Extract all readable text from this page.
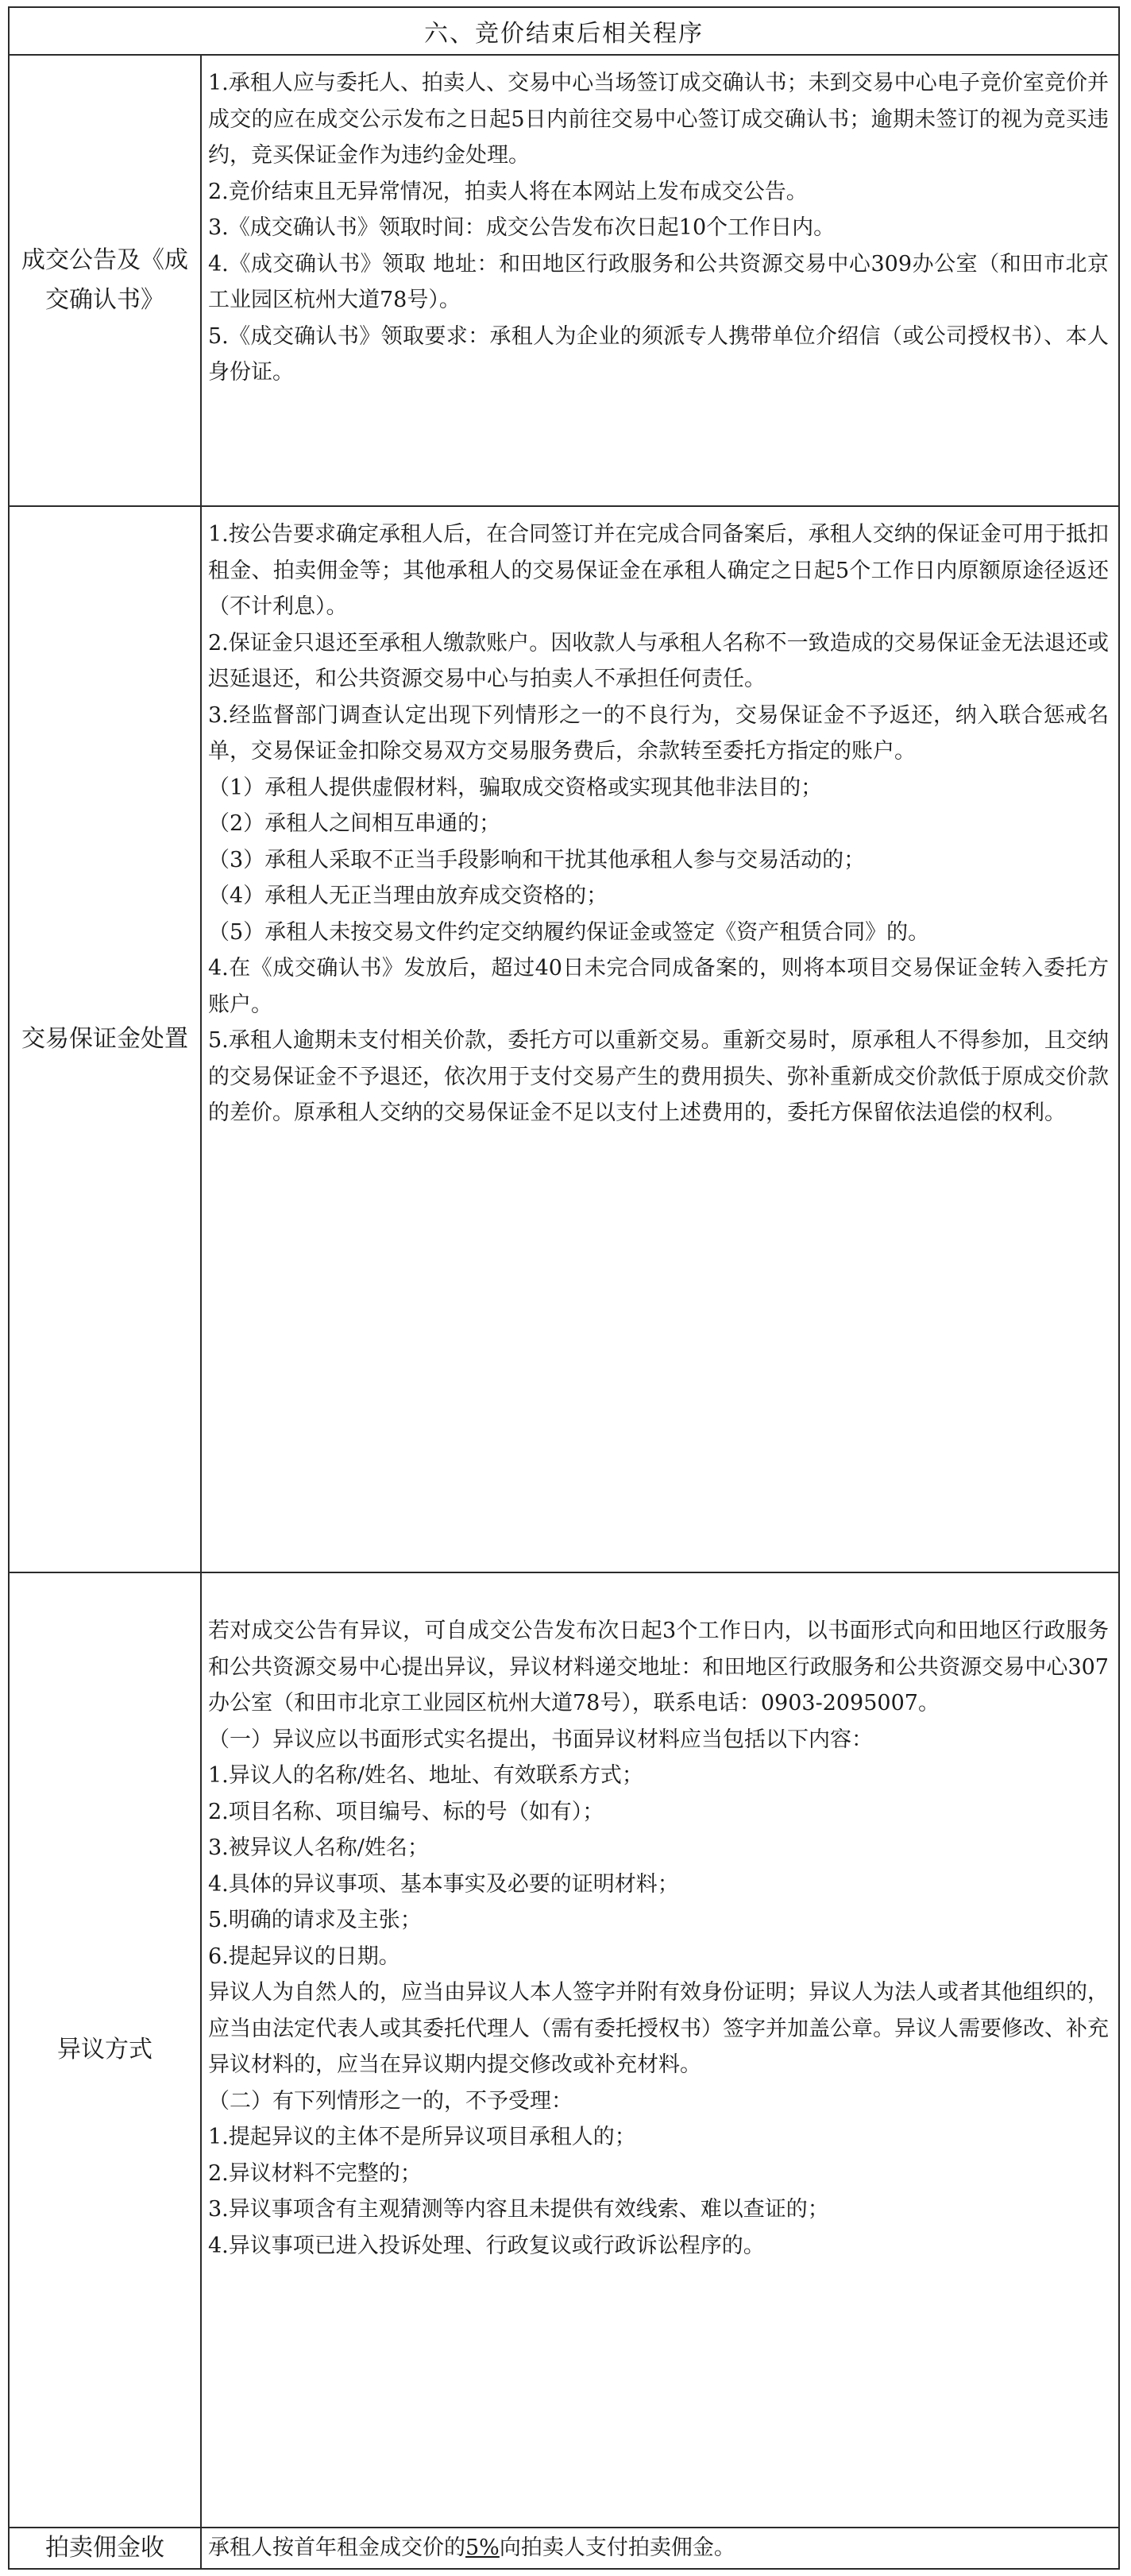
六、竞价结束后相关程序
成交公告及《成交确认书》

1.承租人应与委托人、拍卖人、交易中心当场签订成交确认书；未到交易中心电子竞价室竞价并成交的应在成交公示发布之日起5日内前往交易中心签订成交确认书；逾期未签订的视为竞买违约，竞买保证金作为违约金处理。

2.竞价结束且无异常情况，拍卖人将在本网站上发布成交公告。

3.《成交确认书》领取时间：成交公告发布次日起10个工作日内。

4.《成交确认书》领取 地址：和田地区行政服务和公共资源交易中心309办公室（和田市北京工业园区杭州大道78号）。

5.《成交确认书》领取要求：承租人为企业的须派专人携带单位介绍信（或公司授权书）、本人身份证。

交易保证金处置

1.按公告要求确定承租人后，在合同签订并在完成合同备案后，承租人交纳的保证金可用于抵扣租金、拍卖佣金等；其他承租人的交易保证金在承租人确定之日起5个工作日内原额原途径返还（不计利息）。

2.保证金只退还至承租人缴款账户。因收款人与承租人名称不一致造成的交易保证金无法退还或迟延退还，和公共资源交易中心与拍卖人不承担任何责任。

3.经监督部门调查认定出现下列情形之一的不良行为，交易保证金不予返还，纳入联合惩戒名单，交易保证金扣除交易双方交易服务费后，余款转至委托方指定的账户。

（1）承租人提供虚假材料，骗取成交资格或实现其他非法目的；

（2）承租人之间相互串通的；

（3）承租人采取不正当手段影响和干扰其他承租人参与交易活动的；

（4）承租人无正当理由放弃成交资格的；

（5）承租人未按交易文件约定交纳履约保证金或签定《资产租赁合同》的。

4.在《成交确认书》发放后，超过40日未完合同成备案的，则将本项目交易保证金转入委托方账户。

5.承租人逾期未支付相关价款，委托方可以重新交易。重新交易时，原承租人不得参加，且交纳的交易保证金不予退还，依次用于支付交易产生的费用损失、弥补重新成交价款低于原成交价款的差价。原承租人交纳的交易保证金不足以支付上述费用的，委托方保留依法追偿的权利。

异议方式

若对成交公告有异议，可自成交公告发布次日起3个工作日内，以书面形式向和田地区行政服务和公共资源交易中心提出异议，异议材料递交地址：和田地区行政服务和公共资源交易中心307办公室（和田市北京工业园区杭州大道78号），联系电话：0903-2095007。

（一）异议应以书面形式实名提出，书面异议材料应当包括以下内容：

1.异议人的名称/姓名、地址、有效联系方式；

2.项目名称、项目编号、标的号（如有）；

3.被异议人名称/姓名；

4.具体的异议事项、基本事实及必要的证明材料；

5.明确的请求及主张；

6.提起异议的日期。

异议人为自然人的，应当由异议人本人签字并附有效身份证明；异议人为法人或者其他组织的，应当由法定代表人或其委托代理人（需有委托授权书）签字并加盖公章。异议人需要修改、补充异议材料的，应当在异议期内提交修改或补充材料。

（二）有下列情形之一的，不予受理：

1.提起异议的主体不是所异议项目承租人的；

2.异议材料不完整的；

3.异议事项含有主观猜测等内容且未提供有效线索、难以查证的；

4.异议事项已进入投诉处理、行政复议或行政诉讼程序的。

拍卖佣金收	承租人按首年租金成交价的5%向拍卖人支付拍卖佣金。
